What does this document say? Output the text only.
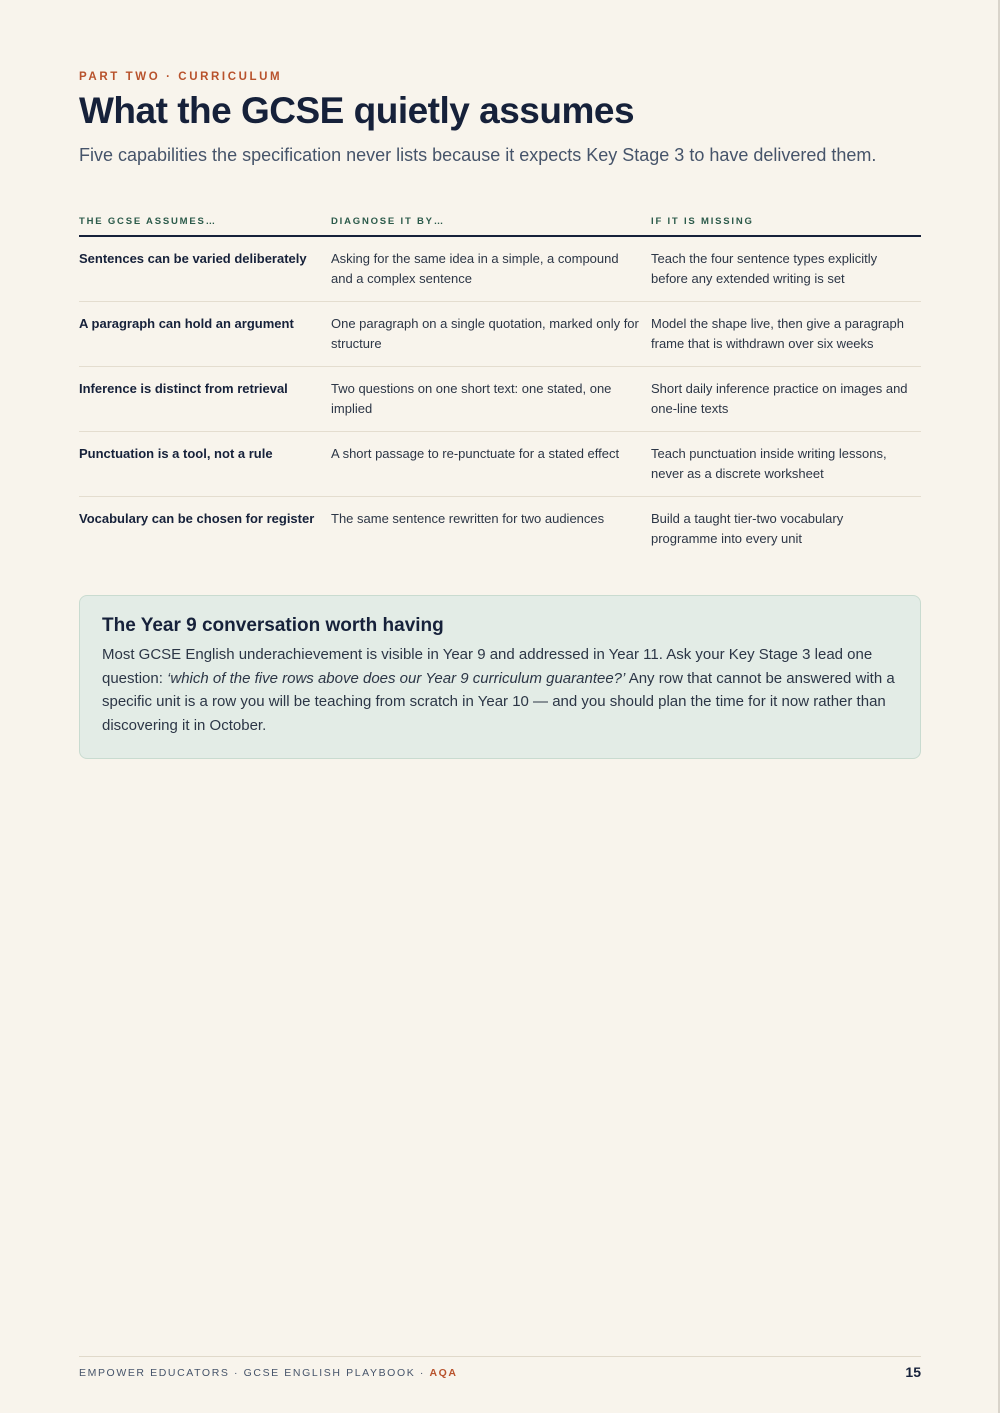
PART TWO · CURRICULUM
What the GCSE quietly assumes

Five capabilities the specification never lists because it expects Key Stage 3 to have delivered them.

THE GCSE ASSUMES…	DIAGNOSE IT BY…	IF IT IS MISSING
Sentences can be varied deliberately	Asking for the same idea in a simple, a compound and a complex sentence	Teach the four sentence types explicitly before any extended writing is set
A paragraph can hold an argument	One paragraph on a single quotation, marked only for structure	Model the shape live, then give a paragraph frame that is withdrawn over six weeks
Inference is distinct from retrieval	Two questions on one short text: one stated, one implied	Short daily inference practice on images and one-line texts
Punctuation is a tool, not a rule	A short passage to re-punctuate for a stated effect	Teach punctuation inside writing lessons, never as a discrete worksheet
Vocabulary can be chosen for register	The same sentence rewritten for two audiences	Build a taught tier-two vocabulary programme into every unit
The Year 9 conversation worth having

Most GCSE English underachievement is visible in Year 9 and addressed in Year 11. Ask your Key Stage 3 lead one question: ‘which of the five rows above does our Year 9 curriculum guarantee?’ Any row that cannot be answered with a specific unit is a row you will be teaching from scratch in Year 10 — and you should plan the time for it now rather than discovering it in October.

EMPOWER EDUCATORS · GCSE ENGLISH PLAYBOOK · AQA	15
